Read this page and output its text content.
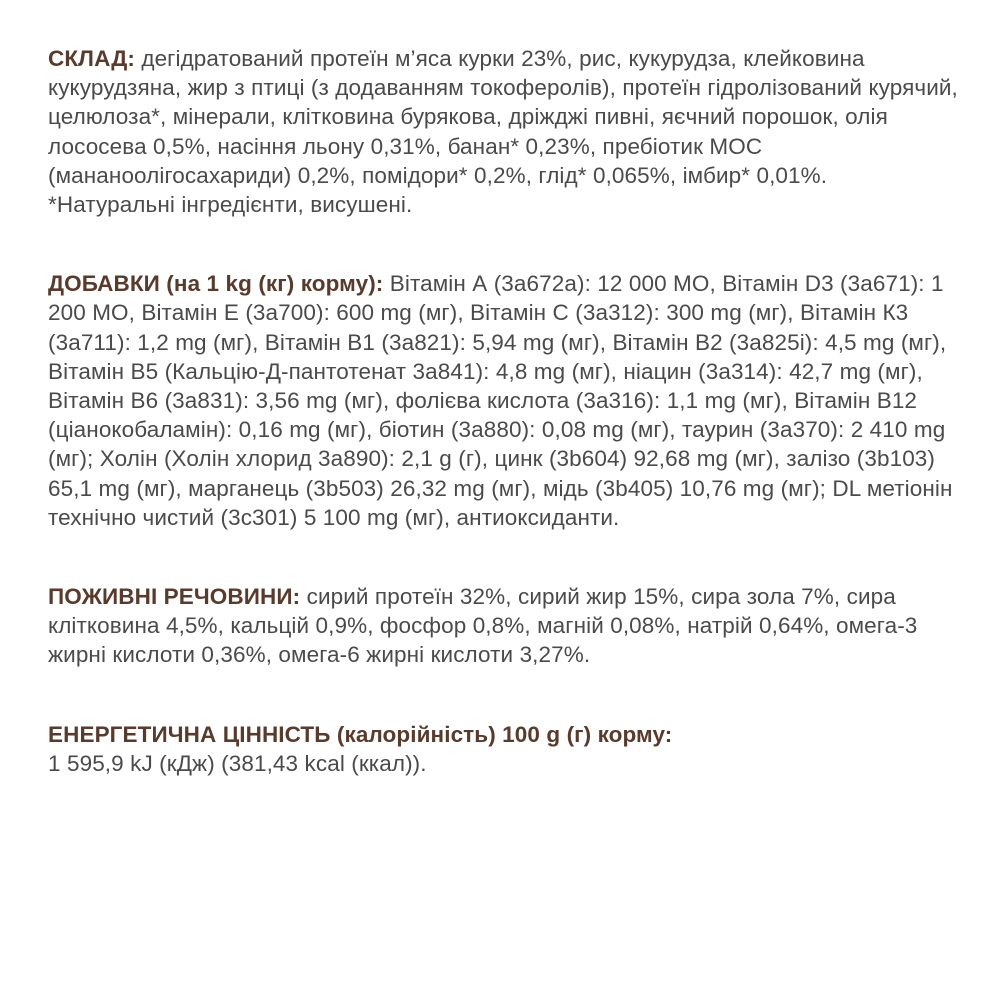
СКЛАД: дегідратований протеїн м’яса курки 23%, рис, кукурудза, клейковина кукурудзяна, жир з птиці (з додаванням токоферолів), протеїн гідролізований курячий, целюлоза*, мінерали, клітковина бурякова, дріжджі пивні, яєчний порошок, олія лососева 0,5%, насіння льону 0,31%, банан* 0,23%, пребіотик МОС (мананоолігосахариди) 0,2%, помідори* 0,2%, глід* 0,065%, імбир* 0,01%. *Натуральні інгредієнти, висушені.

ДОБАВКИ (на 1 kg (кг) корму): Вітамін А (3а672а): 12 000 МО, Вітамін D3 (3а671): 1 200 МО, Вітамін Е (3а700): 600 mg (мг), Вітамін С (3а312): 300 mg (мг), Вітамін К3 (3а711): 1,2 mg (мг), Вітамін В1 (3а821): 5,94 mg (мг), Вітамін В2 (3а825і): 4,5 mg (мг), Вітамін В5 (Кальцію-Д-пантотенат 3а841): 4,8 mg (мг), ніацин (3а314): 42,7 mg (мг), Вітамін В6 (3а831): 3,56 mg (мг), фолієва кислота (3а316): 1,1 mg (мг), Вітамін В12 (ціанокобаламін): 0,16 mg (мг), біотин (3а880): 0,08 mg (мг), таурин (3а370): 2 410 mg (мг); Холін (Холін хлорид 3а890): 2,1 g (г), цинк (3b604) 92,68 mg (мг), залізо (3b103) 65,1 mg (мг), марганець (3b503) 26,32 mg (мг), мідь (3b405) 10,76 mg (мг); DL метіонін технічно чистий (3c301) 5 100 mg (мг), антиоксиданти.

ПОЖИВНІ РЕЧОВИНИ: сирий протеїн 32%, сирий жир 15%, сира зола 7%, сира клітковина 4,5%, кальцій 0,9%, фосфор 0,8%, магній 0,08%, натрій 0,64%, омега-3 жирні кислоти 0,36%, омега-6 жирні кислоти 3,27%.

ЕНЕРГЕТИЧНА ЦІННІСТЬ (калорійність) 100 g (г) корму:
1 595,9 kJ (кДж) (381,43 kcal (ккал)).
